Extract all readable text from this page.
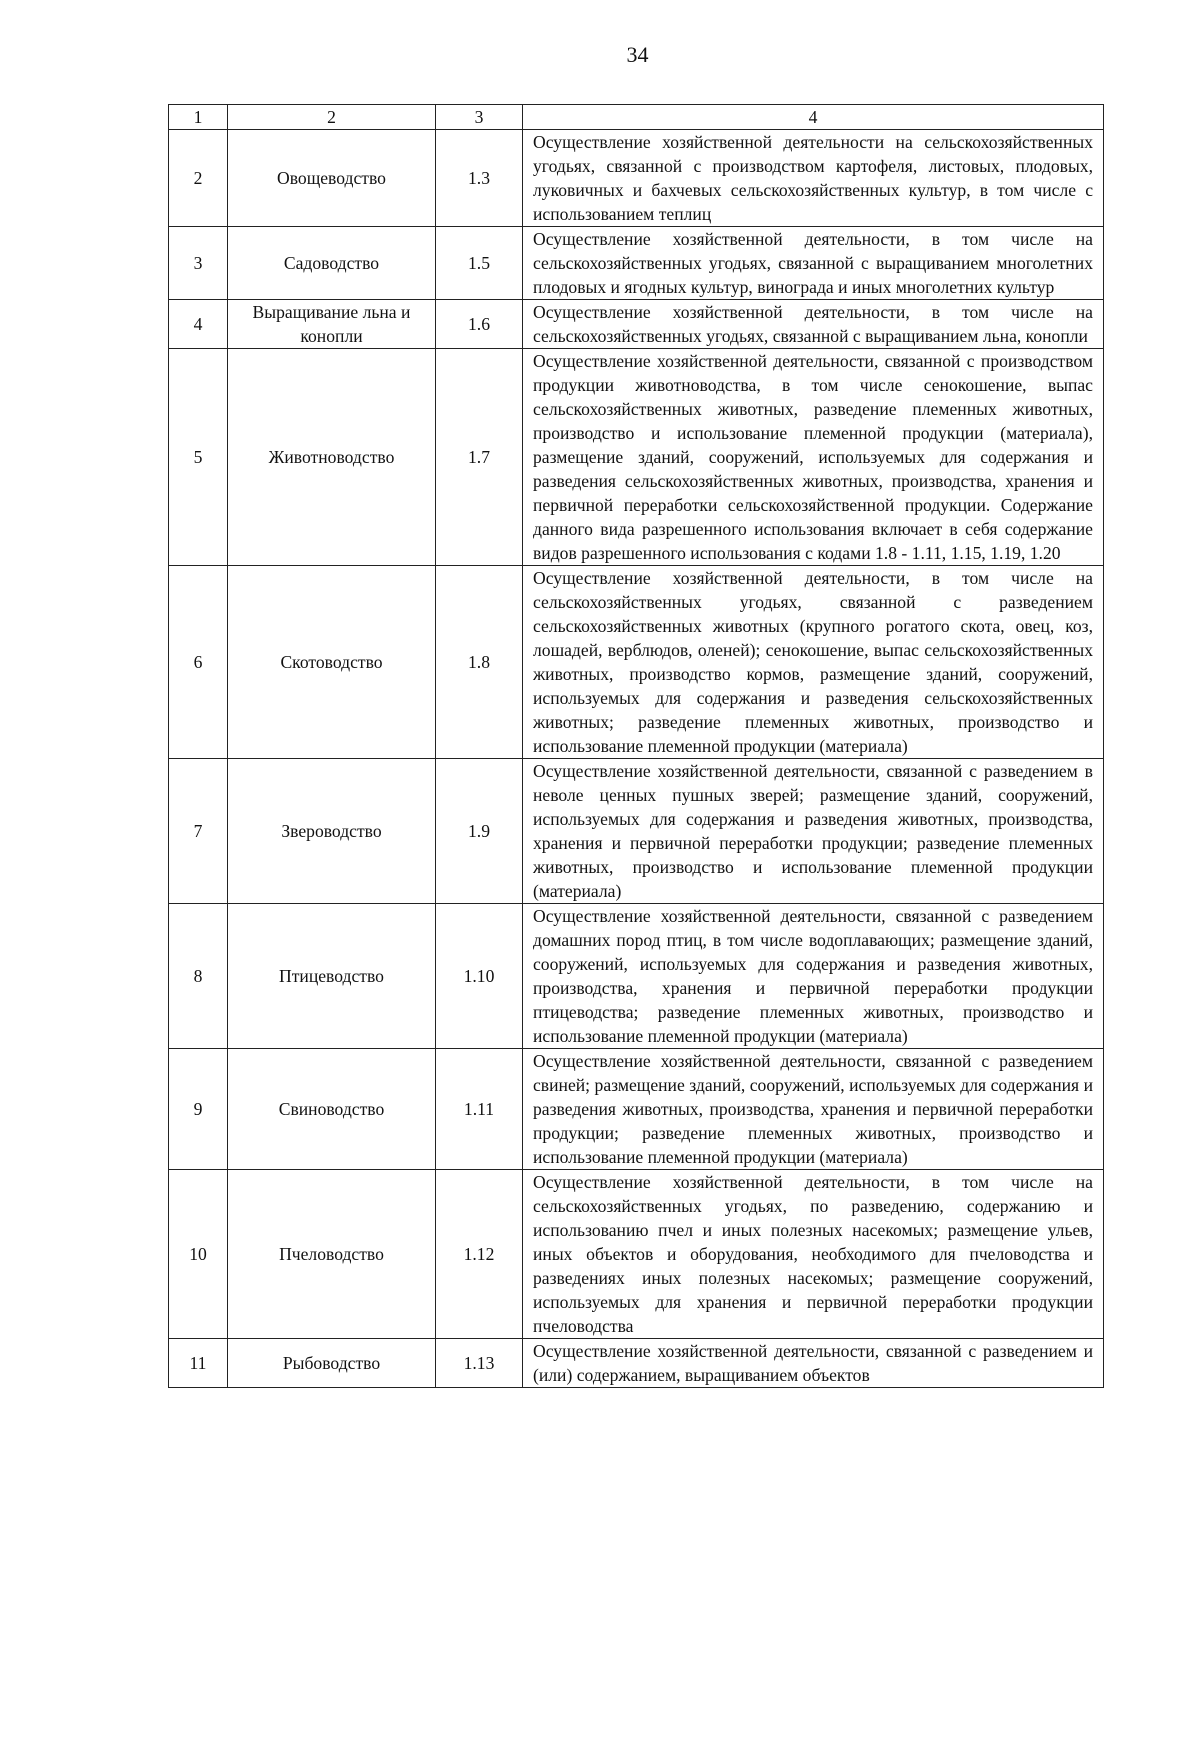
34
1	2	3	4
2	Овощеводство	1.3	Осуществление хозяйственной деятельности на сельскохозяйственных угодьях, связанной с производством картофеля, листовых, плодовых, луковичных и бахчевых сельскохозяйственных культур, в том числе с использованием теплиц
3	Садоводство	1.5	Осуществление хозяйственной деятельности, в том числе на сельскохозяйственных угодьях, связанной с выращиванием многолетних плодовых и ягодных культур, винограда и иных многолетних культур
4	Выращивание льна и конопли	1.6	Осуществление хозяйственной деятельности, в том числе на сельскохозяйственных угодьях, связанной с выращиванием льна, конопли
5	Животноводство	1.7	Осуществление хозяйственной деятельности, связанной с производством продукции животноводства, в том числе сенокошение, выпас сельскохозяйственных животных, разведение племенных животных, производство и использование племенной продукции (материала), размещение зданий, сооружений, используемых для содержания и разведения сельскохозяйственных животных, производства, хранения и первичной переработки сельскохозяйственной продукции. Содержание данного вида разрешенного использования включает в себя содержание видов разрешенного использования с кодами 1.8 - 1.11, 1.15, 1.19, 1.20
6	Скотоводство	1.8	Осуществление хозяйственной деятельности, в том числе на сельскохозяйственных угодьях, связанной с разведением сельскохозяйственных животных (крупного рогатого скота, овец, коз, лошадей, верблюдов, оленей); сенокошение, выпас сельскохозяйственных животных, производство кормов, размещение зданий, сооружений, используемых для содержания и разведения сельскохозяйственных животных; разведение племенных животных, производство и использование племенной продукции (материала)
7	Звероводство	1.9	Осуществление хозяйственной деятельности, связанной с разведением в неволе ценных пушных зверей; размещение зданий, сооружений, используемых для содержания и разведения животных, производства, хранения и первичной переработки продукции; разведение племенных животных, производство и использование племенной продукции (материала)
8	Птицеводство	1.10	Осуществление хозяйственной деятельности, связанной с разведением домашних пород птиц, в том числе водоплавающих; размещение зданий, сооружений, используемых для содержания и разведения животных, производства, хранения и первичной переработки продукции птицеводства; разведение племенных животных, производство и использование племенной продукции (материала)
9	Свиноводство	1.11	Осуществление хозяйственной деятельности, связанной с разведением свиней; размещение зданий, сооружений, используемых для содержания и разведения животных, производства, хранения и первичной переработки продукции; разведение племенных животных, производство и использование племенной продукции (материала)
10	Пчеловодство	1.12	Осуществление хозяйственной деятельности, в том числе на сельскохозяйственных угодьях, по разведению, содержанию и использованию пчел и иных полезных насекомых; размещение ульев, иных объектов и оборудования, необходимого для пчеловодства и разведениях иных полезных насекомых; размещение сооружений, используемых для хранения и первичной переработки продукции пчеловодства
11	Рыбоводство	1.13	Осуществление хозяйственной деятельности, связанной с разведением и (или) содержанием, выращиванием объектов
